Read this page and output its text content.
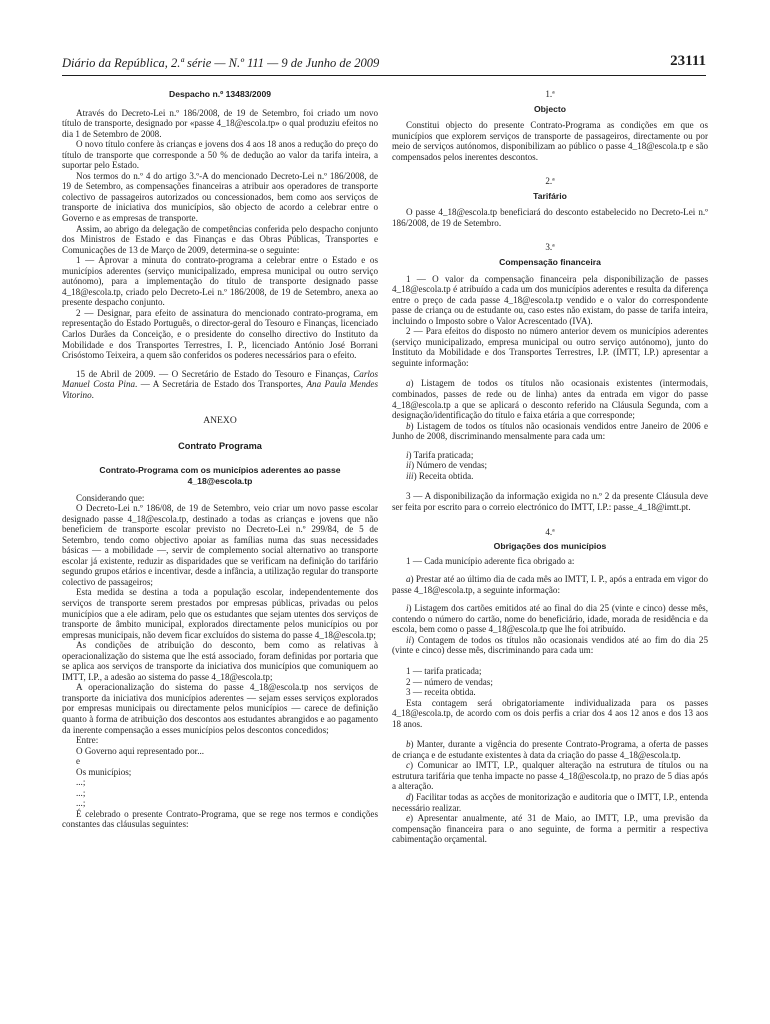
Diário da República, 2.ª série — N.º 111 — 9 de Junho de 2009	23111

Despacho n.º 13483/2009

Através do Decreto-Lei n.º 186/2008, de 19 de Setembro, foi criado um novo título de transporte, designado por «passe 4_18@escola.tp» o qual produziu efeitos no dia 1 de Setembro de 2008.

O novo título confere às crianças e jovens dos 4 aos 18 anos a redução do preço do título de transporte que corresponde a 50 % de dedução ao valor da tarifa inteira, a suportar pelo Estado.

Nos termos do n.º 4 do artigo 3.º-A do mencionado Decreto-Lei n.º 186/2008, de 19 de Setembro, as compensações financeiras a atribuir aos operadores de transporte colectivo de passageiros autorizados ou concessionados, bem como aos serviços de transporte de iniciativa dos municípios, são objecto de acordo a celebrar entre o Governo e as empresas de transporte.

Assim, ao abrigo da delegação de competências conferida pelo despacho conjunto dos Ministros de Estado e das Finanças e das Obras Públicas, Transportes e Comunicações de 13 de Março de 2009, determina-se o seguinte:

1 — Aprovar a minuta do contrato-programa a celebrar entre o Estado e os municípios aderentes (serviço municipalizado, empresa municipal ou outro serviço autónomo), para a implementação do título de transporte designado passe 4_18@escola.tp, criado pelo Decreto-Lei n.º 186/2008, de 19 de Setembro, anexa ao presente despacho conjunto.

2 — Designar, para efeito de assinatura do mencionado contrato-programa, em representação do Estado Português, o director-geral do Tesouro e Finanças, licenciado Carlos Durães da Conceição, e o presidente do conselho directivo do Instituto da Mobilidade e dos Transportes Terrestres, I. P., licenciado António José Borrani Crisóstomo Teixeira, a quem são conferidos os poderes necessários para o efeito.

15 de Abril de 2009. — O Secretário de Estado do Tesouro e Finanças, Carlos Manuel Costa Pina. — A Secretária de Estado dos Transportes, Ana Paula Mendes Vitorino.

ANEXO

Contrato Programa

Contrato-Programa com os municípios aderentes ao passe 4_18@escola.tp

Considerando que:

O Decreto-Lei n.º 186/08, de 19 de Setembro, veio criar um novo passe escolar designado passe 4_18@escola.tp, destinado a todas as crianças e jovens que não beneficiem de transporte escolar previsto no Decreto-Lei n.º 299/84, de 5 de Setembro, tendo como objectivo apoiar as famílias numa das suas necessidades básicas — a mobilidade —, servir de complemento social alternativo ao transporte escolar já existente, reduzir as disparidades que se verificam na definição do tarifário segundo grupos etários e incentivar, desde a infância, a utilização regular do transporte colectivo de passageiros;

Esta medida se destina a toda a população escolar, independentemente dos serviços de transporte serem prestados por empresas públicas, privadas ou pelos municípios que a ele adiram, pelo que os estudantes que sejam utentes dos serviços de transporte de âmbito municipal, explorados directamente pelos municípios ou por empresas municipais, não devem ficar excluídos do sistema do passe 4_18@escola.tp;

As condições de atribuição do desconto, bem como as relativas à operacionalização do sistema que lhe está associado, foram definidas por portaria que se aplica aos serviços de transporte da iniciativa dos municípios que comuniquem ao IMTT, I.P., a adesão ao sistema do passe 4_18@escola.tp;

A operacionalização do sistema do passe 4_18@escola.tp nos serviços de transporte da iniciativa dos municípios aderentes — sejam esses serviços explorados por empresas municipais ou directamente pelos municípios — carece de definição quanto à forma de atribuição dos descontos aos estudantes abrangidos e ao pagamento da inerente compensação a esses municípios pelos descontos concedidos;

Entre:

O Governo aqui representado por...

e

Os municípios;

...;

...;

...;

É celebrado o presente Contrato-Programa, que se rege nos termos e condições constantes das cláusulas seguintes:

1.ª

Objecto

Constitui objecto do presente Contrato-Programa as condições em que os municípios que explorem serviços de transporte de passageiros, directamente ou por meio de serviços autónomos, disponibilizam ao público o passe 4_18@escola.tp e são compensados pelos inerentes descontos.

2.ª

Tarifário

O passe 4_18@escola.tp beneficiará do desconto estabelecido no Decreto-Lei n.º 186/2008, de 19 de Setembro.

3.ª

Compensação financeira

1 — O valor da compensação financeira pela disponibilização de passes 4_18@escola.tp é atribuído a cada um dos municípios aderentes e resulta da diferença entre o preço de cada passe 4_18@escola.tp vendido e o valor do correspondente passe de criança ou de estudante ou, caso estes não existam, do passe de tarifa inteira, incluindo o Imposto sobre o Valor Acrescentado (IVA).

2 — Para efeitos do disposto no número anterior devem os municípios aderentes (serviço municipalizado, empresa municipal ou outro serviço autónomo), junto do Instituto da Mobilidade e dos Transportes Terrestres, I.P. (IMTT, I.P.) apresentar a seguinte informação:

a) Listagem de todos os títulos não ocasionais existentes (intermodais, combinados, passes de rede ou de linha) antes da entrada em vigor do passe 4_18@escola.tp a que se aplicará o desconto referido na Cláusula Segunda, com a designação/identificação do título e faixa etária a que corresponde;

b) Listagem de todos os títulos não ocasionais vendidos entre Janeiro de 2006 e Junho de 2008, discriminando mensalmente para cada um:

i) Tarifa praticada;

ii) Número de vendas;

iii) Receita obtida.

3 — A disponibilização da informação exigida no n.º 2 da presente Cláusula deve ser feita por escrito para o correio electrónico do IMTT, I.P.: passe_4_18@imtt.pt.

4.ª

Obrigações dos municípios

1 — Cada município aderente fica obrigado a:

a) Prestar até ao último dia de cada mês ao IMTT, I. P., após a entrada em vigor do passe 4_18@escola.tp, a seguinte informação:

i) Listagem dos cartões emitidos até ao final do dia 25 (vinte e cinco) desse mês, contendo o número do cartão, nome do beneficiário, idade, morada de residência e da escola, bem como o passe 4_18@escola.tp que lhe foi atribuído.

ii) Contagem de todos os títulos não ocasionais vendidos até ao fim do dia 25 (vinte e cinco) desse mês, discriminando para cada um:

1 — tarifa praticada;

2 — número de vendas;

3 — receita obtida.

Esta contagem será obrigatoriamente individualizada para os passes 4_18@escola.tp, de acordo com os dois perfis a criar dos 4 aos 12 anos e dos 13 aos 18 anos.

b) Manter, durante a vigência do presente Contrato-Programa, a oferta de passes de criança e de estudante existentes à data da criação do passe 4_18@escola.tp.

c) Comunicar ao IMTT, I.P., qualquer alteração na estrutura de títulos ou na estrutura tarifária que tenha impacte no passe 4_18@escola.tp, no prazo de 5 dias após a alteração.

d) Facilitar todas as acções de monitorização e auditoria que o IMTT, I.P., entenda necessário realizar.

e) Apresentar anualmente, até 31 de Maio, ao IMTT, I.P., uma previsão da compensação financeira para o ano seguinte, de forma a permitir a respectiva cabimentação orçamental.
